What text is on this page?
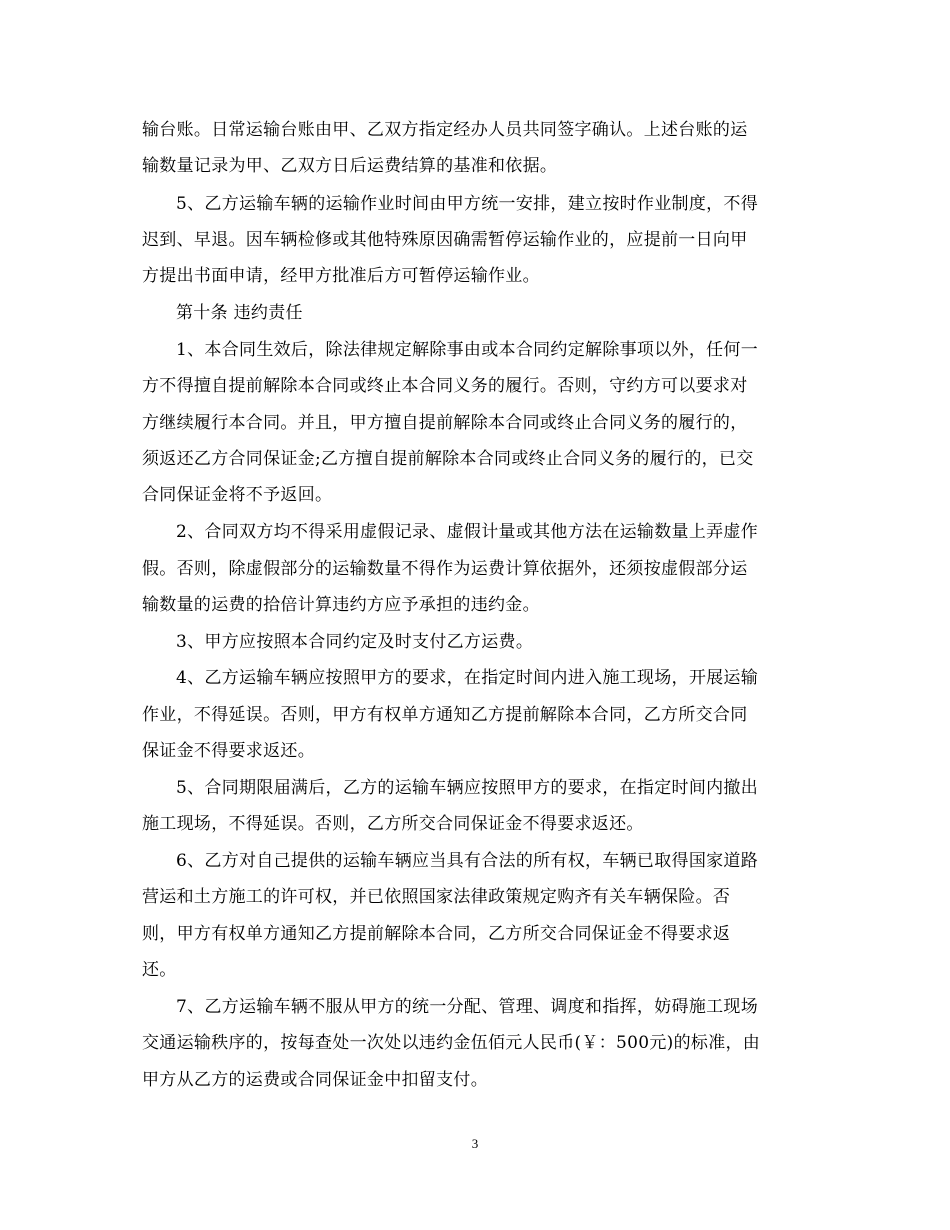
输台账。日常运输台账由甲、乙双方指定经办人员共同签字确认。上述台账的运
输数量记录为甲、乙双方日后运费结算的基准和依据。
5、乙方运输车辆的运输作业时间由甲方统一安排，建立按时作业制度，不得
迟到、早退。因车辆检修或其他特殊原因确需暂停运输作业的，应提前一日向甲
方提出书面申请，经甲方批准后方可暂停运输作业。
第十条 违约责任
1、本合同生效后，除法律规定解除事由或本合同约定解除事项以外，任何一
方不得擅自提前解除本合同或终止本合同义务的履行。否则，守约方可以要求对
方继续履行本合同。并且，甲方擅自提前解除本合同或终止合同义务的履行的，
须返还乙方合同保证金;乙方擅自提前解除本合同或终止合同义务的履行的，已交
合同保证金将不予返回。
2、合同双方均不得采用虚假记录、虚假计量或其他方法在运输数量上弄虚作
假。否则，除虚假部分的运输数量不得作为运费计算依据外，还须按虚假部分运
输数量的运费的拾倍计算违约方应予承担的违约金。
3、甲方应按照本合同约定及时支付乙方运费。
4、乙方运输车辆应按照甲方的要求，在指定时间内进入施工现场，开展运输
作业，不得延误。否则，甲方有权单方通知乙方提前解除本合同，乙方所交合同
保证金不得要求返还。
5、合同期限届满后，乙方的运输车辆应按照甲方的要求，在指定时间内撤出
施工现场，不得延误。否则，乙方所交合同保证金不得要求返还。
6、乙方对自己提供的运输车辆应当具有合法的所有权，车辆已取得国家道路
营运和土方施工的许可权，并已依照国家法律政策规定购齐有关车辆保险。否
则，甲方有权单方通知乙方提前解除本合同，乙方所交合同保证金不得要求返
还。
7、乙方运输车辆不服从甲方的统一分配、管理、调度和指挥，妨碍施工现场
交通运输秩序的，按每查处一次处以违约金伍佰元人民币(￥：500元)的标准，由
甲方从乙方的运费或合同保证金中扣留支付。
3
